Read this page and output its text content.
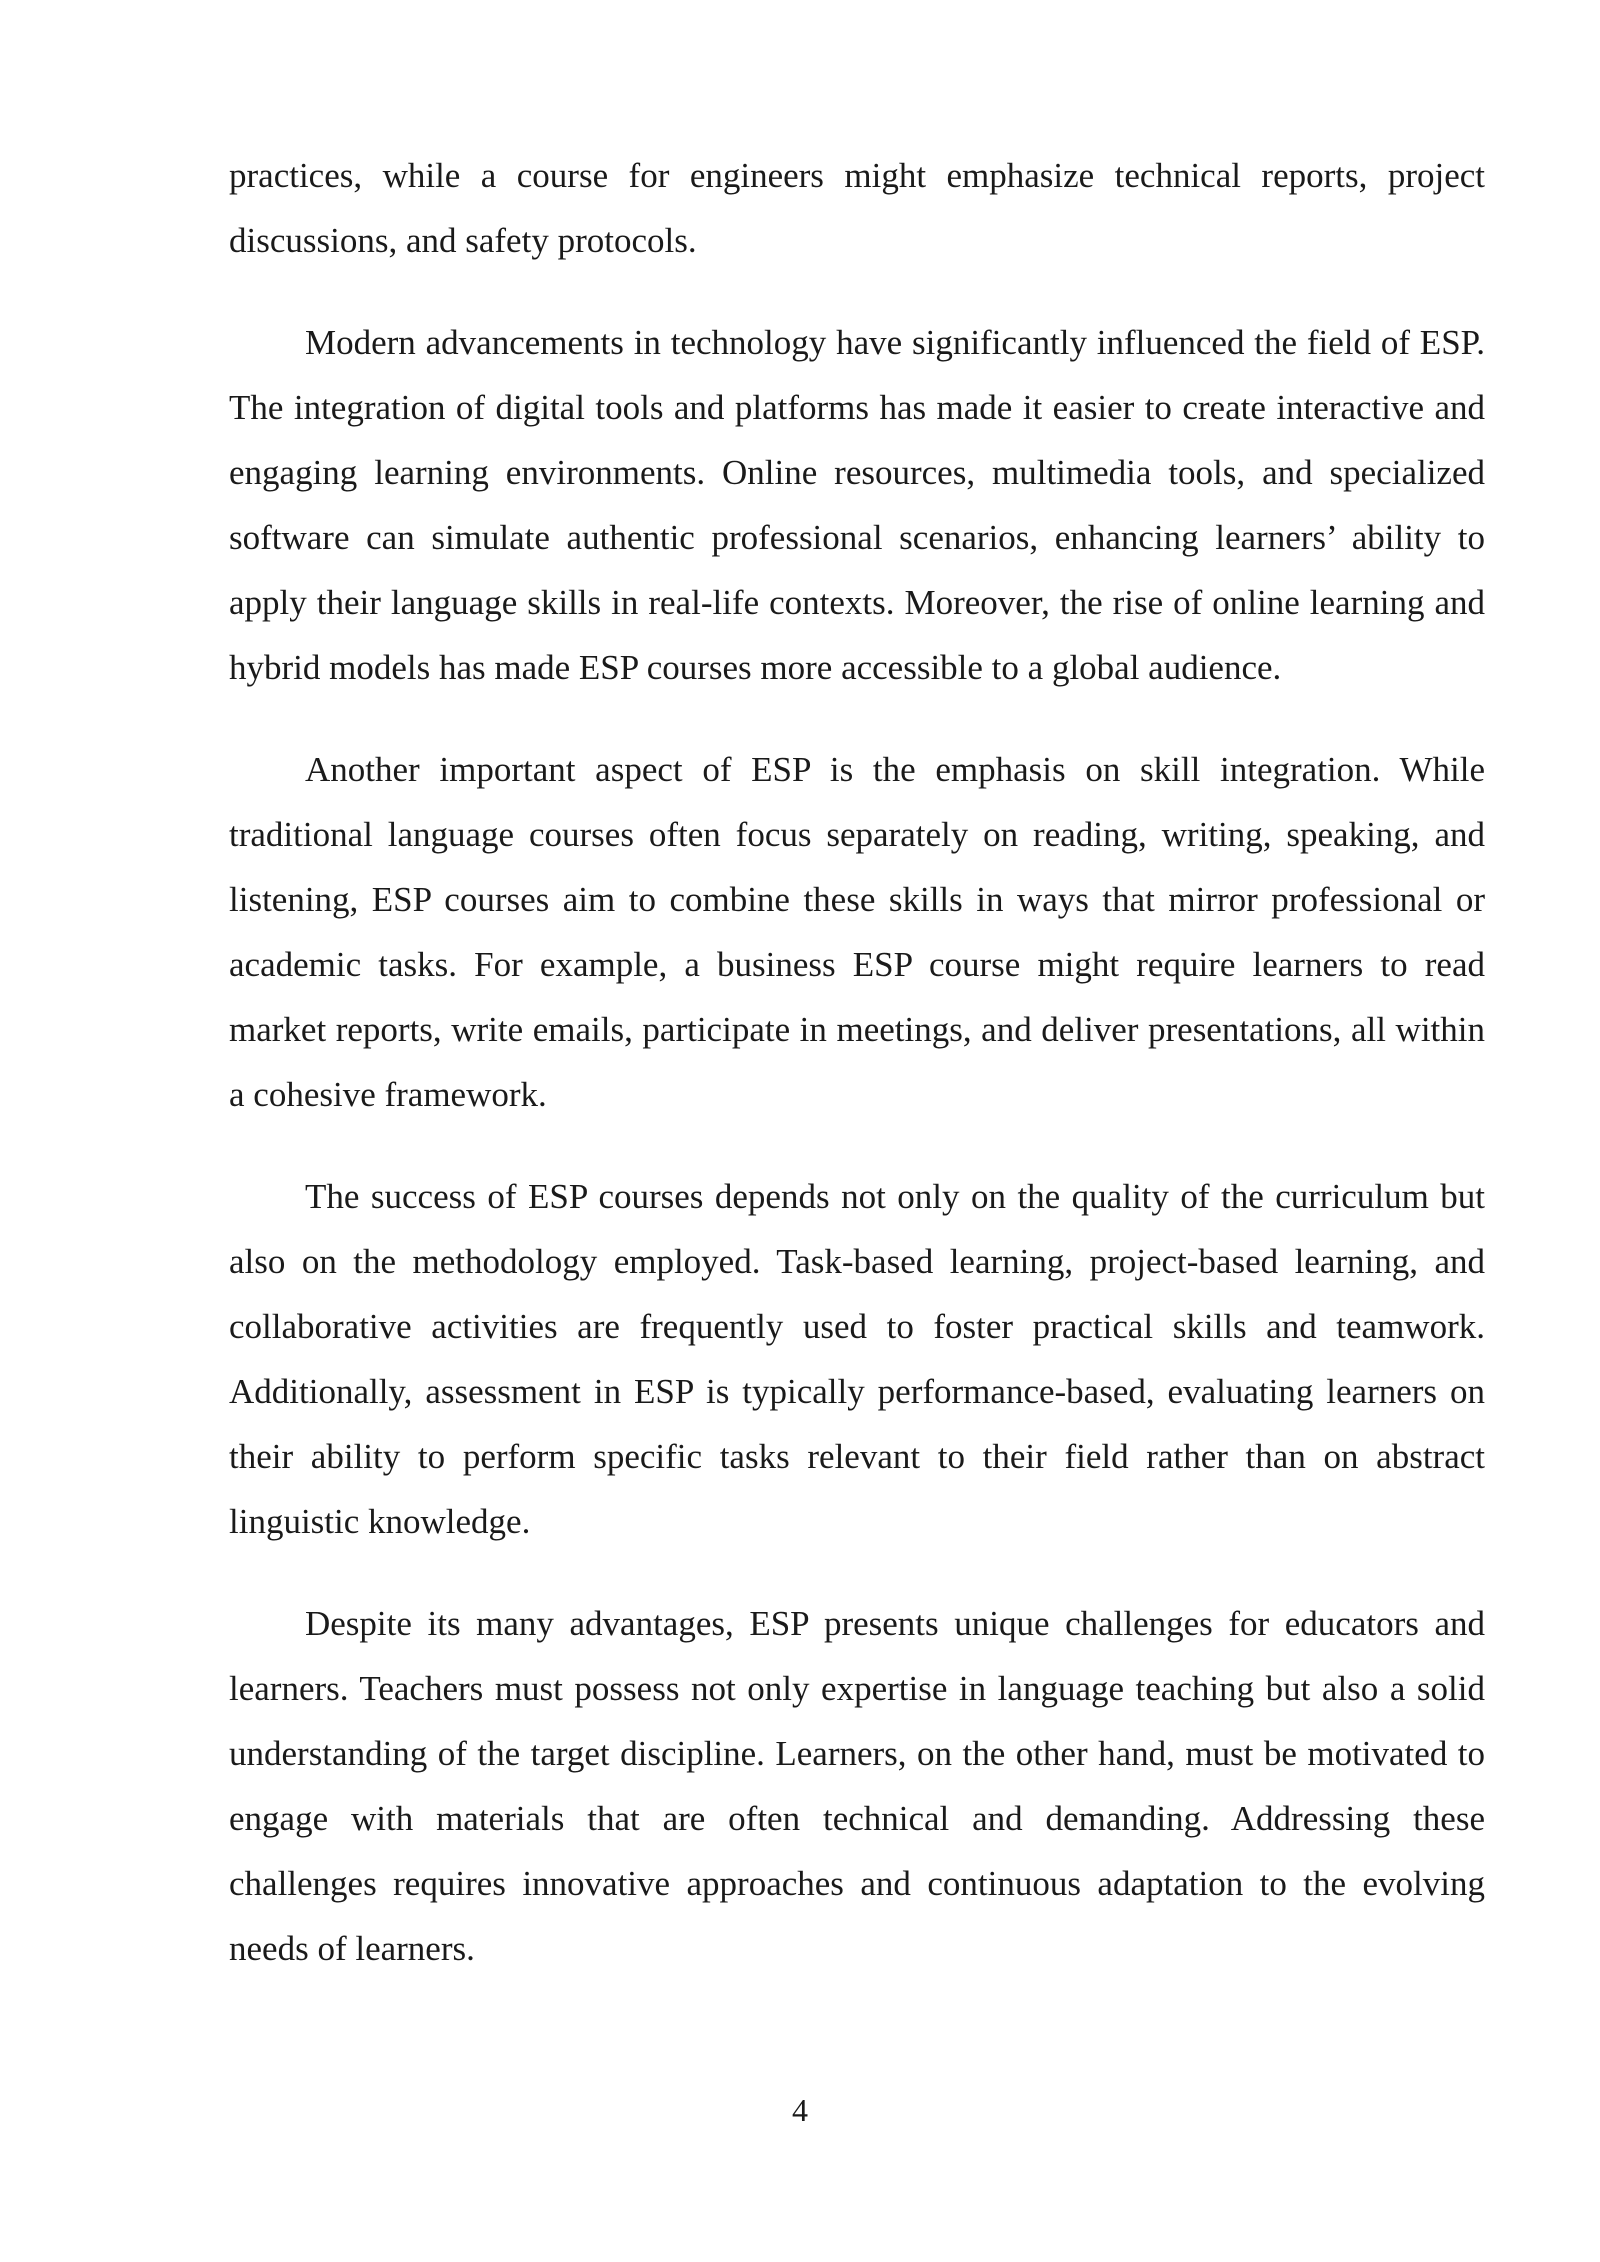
practices, while a course for engineers might emphasize technical reports, project discussions, and safety protocols.

Modern advancements in technology have significantly influenced the field of ESP. The integration of digital tools and platforms has made it easier to create interactive and engaging learning environments. Online resources, multimedia tools, and specialized software can simulate authentic professional scenarios, enhancing learners’ ability to apply their language skills in real-life contexts. Moreover, the rise of online learning and hybrid models has made ESP courses more accessible to a global audience.

Another important aspect of ESP is the emphasis on skill integration. While traditional language courses often focus separately on reading, writing, speaking, and listening, ESP courses aim to combine these skills in ways that mirror professional or academic tasks. For example, a business ESP course might require learners to read market reports, write emails, participate in meetings, and deliver presentations, all within a cohesive framework.

The success of ESP courses depends not only on the quality of the curriculum but also on the methodology employed. Task-based learning, project-based learning, and collaborative activities are frequently used to foster practical skills and teamwork. Additionally, assessment in ESP is typically performance-based, evaluating learners on their ability to perform specific tasks relevant to their field rather than on abstract linguistic knowledge.

Despite its many advantages, ESP presents unique challenges for educators and learners. Teachers must possess not only expertise in language teaching but also a solid understanding of the target discipline. Learners, on the other hand, must be motivated to engage with materials that are often technical and demanding. Addressing these challenges requires innovative approaches and continuous adaptation to the evolving needs of learners.

4
